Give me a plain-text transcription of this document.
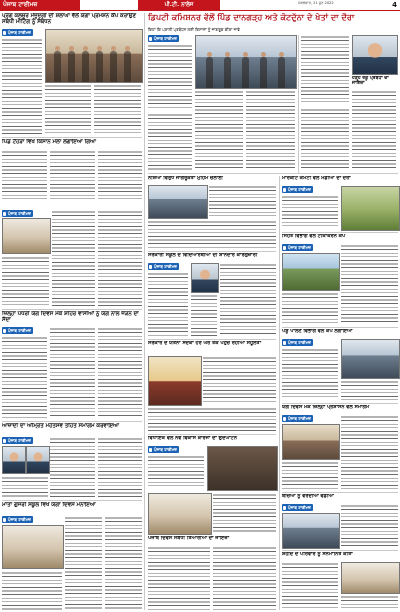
ਪੰਜਾਬ ਟਾਈਮਜ਼	ਪੀ.ਟੀ. ਨਾਲੇਜ	ਮੰਗਲਵਾਰ, 21 ਜੂਨ 2022	4
ਪ੍ਰੋਗ ਕਲਚਰ ਮੌਜੂਦਗੀ ਦੀ ਸ਼ਲਾਘਾ ਵੱਲੋਂ ਯੋਗਾ ਪ੍ਰਮੋਸ਼ਨ ਕੈਂਪ ਕਰਾਉਣ ਸਬੰਧੀ ਮੀਟਿੰਗ ਨੂੰ ਸੰਬੋਧਨ
ਪੰਜਾਬ ਟਾਈਮਜ਼
ਪਿੰਡ ਟੌਹੜਾ ਵਿਖੇ ਕਿਸਾਨ ਮੇਲਾ ਲਗਾਇਆ ਗਿਆ
ਪੰਜਾਬ ਟਾਈਮਜ਼
ਜ਼ਿਲ੍ਹਾ ਪੱਧਰੀ ਯੋਗ ਦਿਵਸ ਮੌਕੇ ਸ਼ਹਿਰ ਵਾਸੀਆਂ ਨੂੰ ਯੋਗ ਨਾਲ ਜੋੜਨ ਦਾ ਸੱਦਾ
ਪੰਜਾਬ ਟਾਈਮਜ਼
ਆਜ਼ਾਦੀ ਦਾ ਅੰਮ੍ਰਿਤ ਮਹੋਤਸਵ ਤਹਿਤ ਸਮਾਗਮ ਕਰਵਾਇਆ
ਪੰਜਾਬ ਟਾਈਮਜ਼
ਮਾਤਾ ਗੁਜਰੀ ਸਕੂਲ ਵਿਖੇ ਯੋਗਾ ਦਿਵਸ ਮਨਾਇਆ
ਪੰਜਾਬ ਟਾਈਮਜ਼
ਡਿਪਟੀ ਕਮਿਸ਼ਨਰ ਵੱਲੋਂ ਪਿੰਡ ਦਾਨਗੜ੍ਹ ਅਤੇ ਕੋਟਦੁੱਨਾ ਦੇ ਖੇਤਾਂ ਦਾ ਦੌਰਾ
ਕਿਹਾ ਕਿ ਪਰਾਲੀ ਪ੍ਰਬੰਧਨ ਲਈ ਕਿਸਾਨਾਂ ਨੂੰ ਜਾਗਰੂਕ ਕੀਤਾ ਜਾਵੇ
ਪੰਜਾਬ ਟਾਈਮਜ਼
ਹੜ੍ਹ ਰੋਕੂ ਪ੍ਰਬੰਧਾਂ ਦਾ ਜਾਇਜ਼ਾ
ਨਸ਼ਿਆਂ ਵਿਰੁੱਧ ਜਾਗਰੂਕਤਾ ਮੁਹਿੰਮ ਚਲਾਈ
ਸਰਕਾਰੀ ਸਕੂਲ ਦੇ ਵਿਦਿਆਰਥੀਆਂ ਦੀ ਸ਼ਾਨਦਾਰ ਕਾਰਗੁਜ਼ਾਰੀ
ਪੰਜਾਬ ਟਾਈਮਜ਼
ਸਰਕਾਰ ਦੇ ਯਤਨਾਂ ਸਦਕਾ ਹਰ ਘਰ ਤੱਕ ਪਹੁੰਚ ਰਹੀਆਂ ਸਹੂਲਤਾਂ
ਵਿਧਾਇਕ ਵੱਲੋਂ ਨਵੇਂ ਵਿਕਾਸ ਕਾਰਜਾਂ ਦਾ ਉਦਘਾਟਨ
ਪੰਜਾਬ ਟਾਈਮਜ਼
ਪੰਜਾਬ ਦਿਵਸ ਸਬੰਧੀ ਤਿਆਰੀਆਂ ਦਾ ਜਾਇਜ਼ਾ
ਮਾਰਕੀਟ ਕਮੇਟੀ ਵੱਲੋਂ ਮੰਡੀਆਂ ਦਾ ਦੌਰਾ
ਪੰਜਾਬ ਟਾਈਮਜ਼
ਸਿਹਤ ਵਿਭਾਗ ਵੱਲੋਂ ਟੀਕਾਕਰਨ ਕੈਂਪ
ਪੰਜਾਬ ਟਾਈਮਜ਼
ਪਸ਼ੂ ਪਾਲਣ ਵਿਭਾਗ ਵੱਲੋਂ ਕੈਂਪ ਲਗਾਇਆ
ਪੰਜਾਬ ਟਾਈਮਜ਼
ਯੋਗ ਦਿਵਸ ਮੌਕੇ ਜ਼ਿਲ੍ਹਾ ਪ੍ਰਸ਼ਾਸਨ ਵੱਲੋਂ ਸਮਾਗਮ
ਪੰਜਾਬ ਟਾਈਮਜ਼
ਬੱਚਿਆਂ ਨੂੰ ਵਰਦੀਆਂ ਵੰਡੀਆਂ
ਪੰਜਾਬ ਟਾਈਮਜ਼
ਸ਼ਹੀਦ ਦੇ ਪਰਿਵਾਰ ਨੂੰ ਸਨਮਾਨਿਤ ਕੀਤਾ
